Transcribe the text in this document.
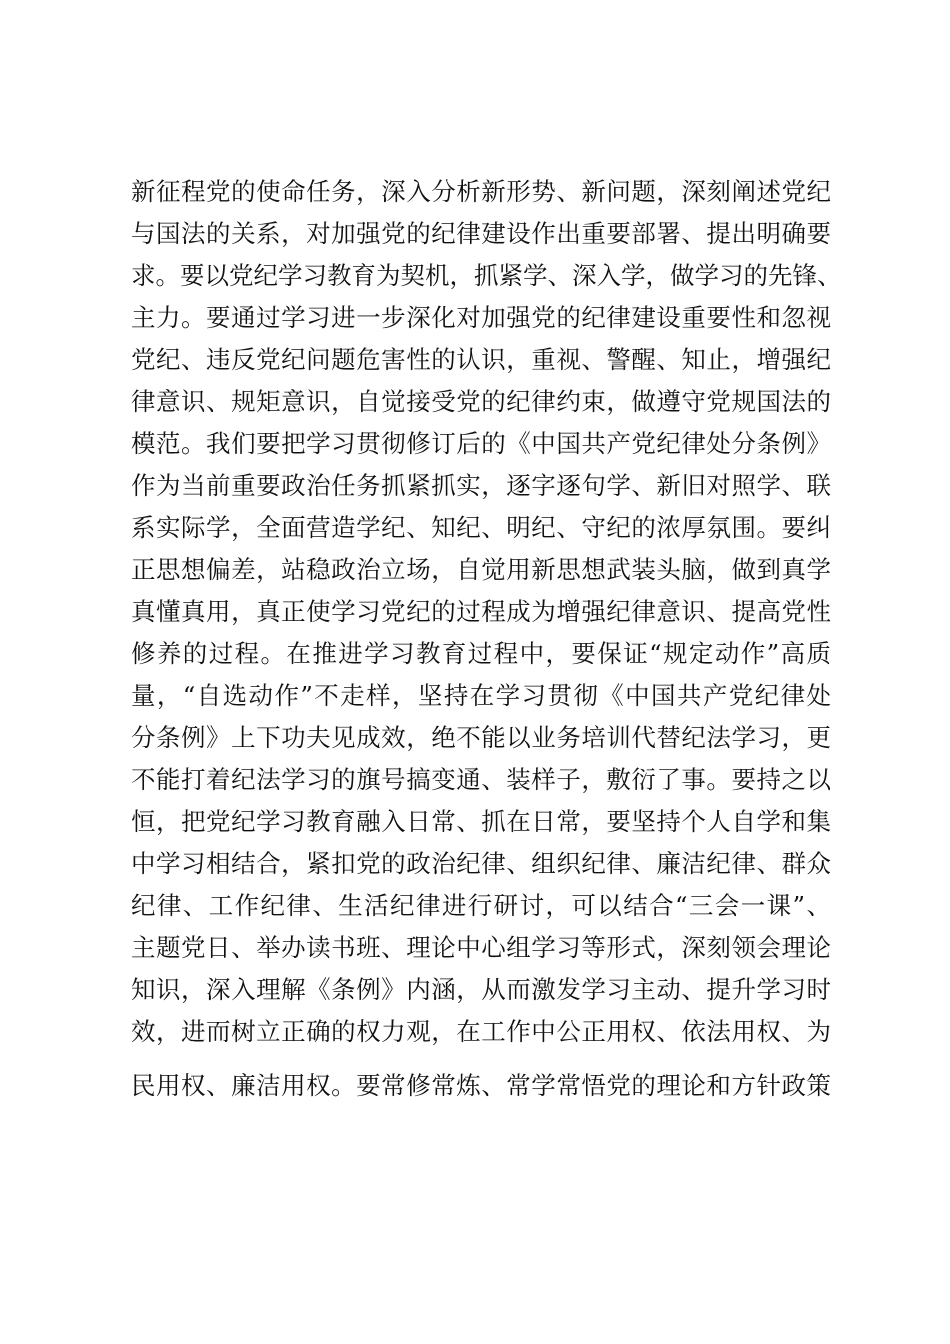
新征程党的使命任务，深入分析新形势、新问题，深刻阐述党纪
与国法的关系，对加强党的纪律建设作出重要部署、提出明确要
求。要以党纪学习教育为契机，抓紧学、深入学，做学习的先锋、
主力。要通过学习进一步深化对加强党的纪律建设重要性和忽视
党纪、违反党纪问题危害性的认识，重视、警醒、知止，增强纪
律意识、规矩意识，自觉接受党的纪律约束，做遵守党规国法的
模范。我们要把学习贯彻修订后的《中国共产党纪律处分条例》
作为当前重要政治任务抓紧抓实，逐字逐句学、新旧对照学、联
系实际学，全面营造学纪、知纪、明纪、守纪的浓厚氛围。要纠
正思想偏差，站稳政治立场，自觉用新思想武装头脑，做到真学
真懂真用，真正使学习党纪的过程成为增强纪律意识、提高党性
修养的过程。在推进学习教育过程中，要保证“规定动作”高质
量，“自选动作”不走样，坚持在学习贯彻《中国共产党纪律处
分条例》上下功夫见成效，绝不能以业务培训代替纪法学习，更
不能打着纪法学习的旗号搞变通、装样子，敷衍了事。要持之以
恒，把党纪学习教育融入日常、抓在日常，要坚持个人自学和集
中学习相结合，紧扣党的政治纪律、组织纪律、廉洁纪律、群众
纪律、工作纪律、生活纪律进行研讨，可以结合“三会一课”、
主题党日、举办读书班、理论中心组学习等形式，深刻领会理论
知识，深入理解《条例》内涵，从而激发学习主动、提升学习时
效，进而树立正确的权力观，在工作中公正用权、依法用权、为
民用权、廉洁用权。要常修常炼、常学常悟党的理论和方针政策
